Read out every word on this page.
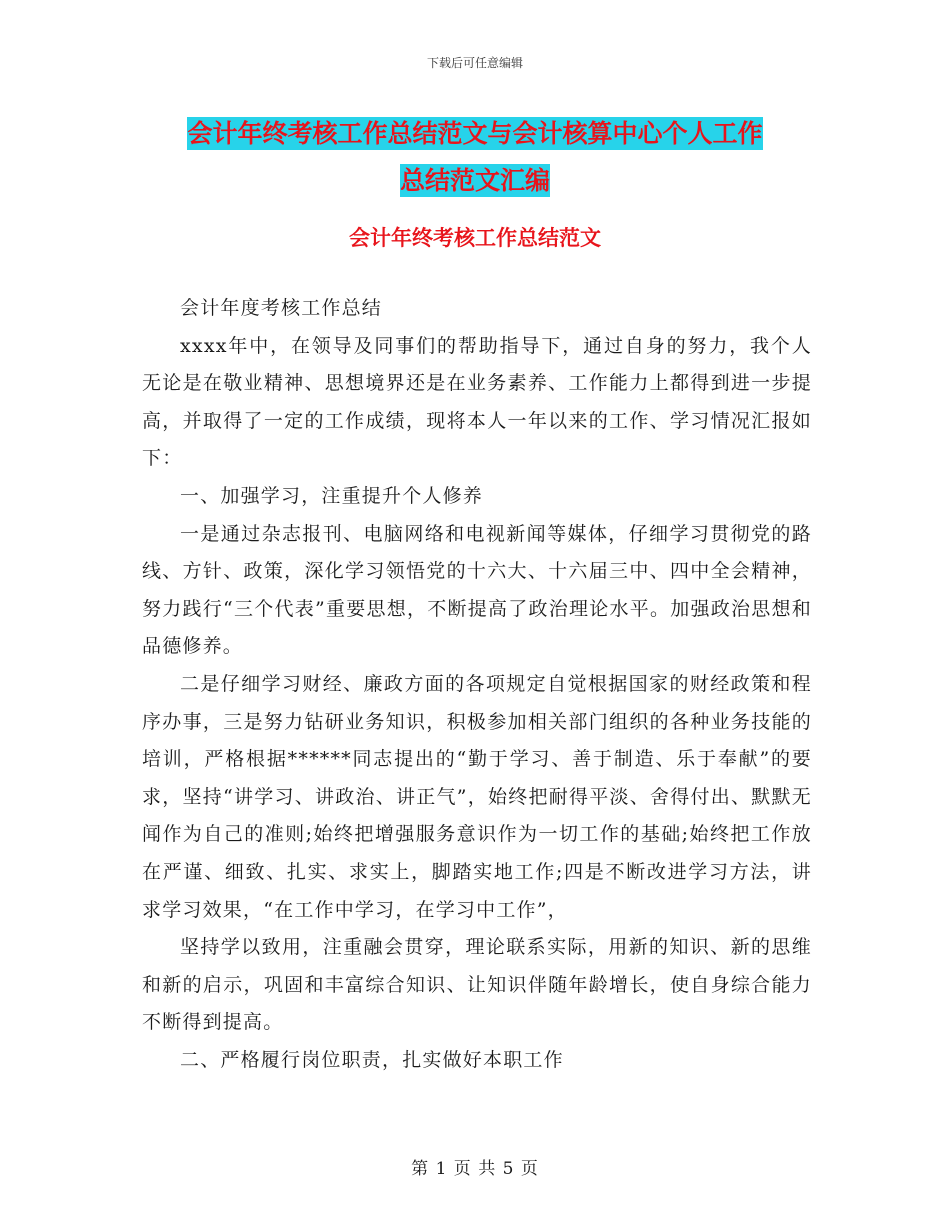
下载后可任意编辑
会计年终考核工作总结范文与会计核算中心个人工作
总结范文汇编
会计年终考核工作总结范文

会计年度考核工作总结

xxxx年中，在领导及同事们的帮助指导下，通过自身的努力，我个人无论是在敬业精神、思想境界还是在业务素养、工作能力上都得到进一步提高，并取得了一定的工作成绩，现将本人一年以来的工作、学习情况汇报如下：

一、加强学习，注重提升个人修养

一是通过杂志报刊、电脑网络和电视新闻等媒体，仔细学习贯彻党的路线、方针、政策，深化学习领悟党的十六大、十六届三中、四中全会精神，努力践行“三个代表”重要思想，不断提高了政治理论水平。加强政治思想和品德修养。

二是仔细学习财经、廉政方面的各项规定自觉根据国家的财经政策和程序办事，三是努力钻研业务知识，积极参加相关部门组织的各种业务技能的培训，严格根据******同志提出的“勤于学习、善于制造、乐于奉献”的要求，坚持“讲学习、讲政治、讲正气”，始终把耐得平淡、舍得付出、默默无闻作为自己的准则;始终把增强服务意识作为一切工作的基础;始终把工作放在严谨、细致、扎实、求实上，脚踏实地工作;四是不断改进学习方法，讲求学习效果，“在工作中学习，在学习中工作”，

坚持学以致用，注重融会贯穿，理论联系实际，用新的知识、新的思维和新的启示，巩固和丰富综合知识、让知识伴随年龄增长，使自身综合能力不断得到提高。

二、严格履行岗位职责，扎实做好本职工作

第 1 页 共 5 页
